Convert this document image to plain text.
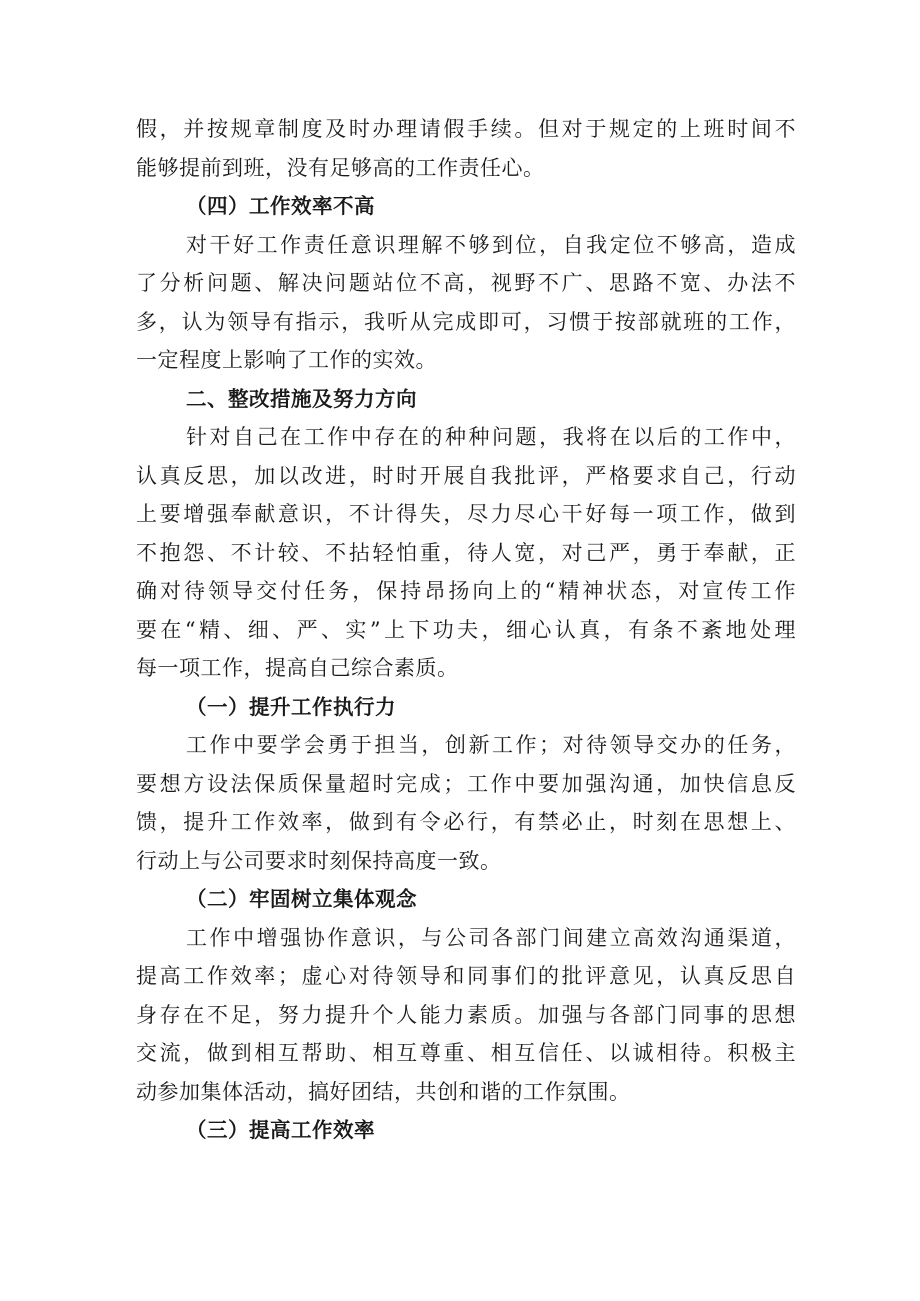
假，并按规章制度及时办理请假手续。但对于规定的上班时间不
能够提前到班，没有足够高的工作责任心。
（四）工作效率不高
对干好工作责任意识理解不够到位，自我定位不够高，造成
了分析问题、解决问题站位不高，视野不广、思路不宽、办法不
多，认为领导有指示，我听从完成即可，习惯于按部就班的工作，
一定程度上影响了工作的实效。
二、整改措施及努力方向
针对自己在工作中存在的种种问题，我将在以后的工作中，
认真反思，加以改进，时时开展自我批评，严格要求自己，行动
上要增强奉献意识，不计得失，尽力尽心干好每一项工作，做到
不抱怨、不计较、不拈轻怕重，待人宽，对己严，勇于奉献，正
确对待领导交付任务，保持昂扬向上的“精神状态，对宣传工作
要在“精、细、严、实”上下功夫，细心认真，有条不紊地处理
每一项工作，提高自己综合素质。
（一）提升工作执行力
工作中要学会勇于担当，创新工作；对待领导交办的任务，
要想方设法保质保量超时完成；工作中要加强沟通，加快信息反
馈，提升工作效率，做到有令必行，有禁必止，时刻在思想上、
行动上与公司要求时刻保持高度一致。
（二）牢固树立集体观念
工作中增强协作意识，与公司各部门间建立高效沟通渠道，
提高工作效率；虚心对待领导和同事们的批评意见，认真反思自
身存在不足，努力提升个人能力素质。加强与各部门同事的思想
交流，做到相互帮助、相互尊重、相互信任、以诚相待。积极主
动参加集体活动，搞好团结，共创和谐的工作氛围。
（三）提高工作效率
